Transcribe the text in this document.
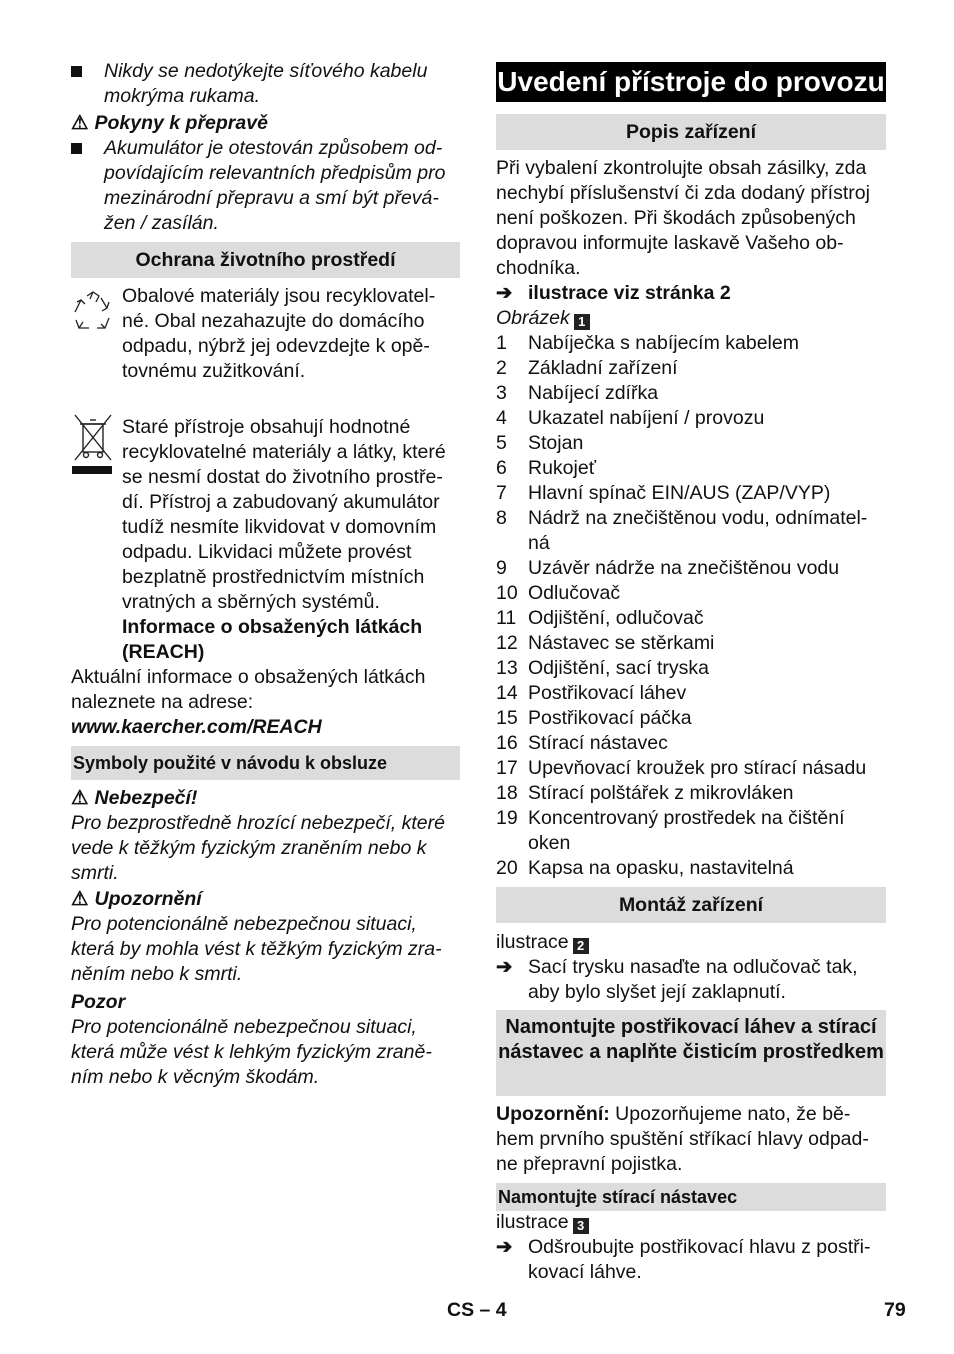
Nikdy se nedotýkejte síťového kabelu mokrýma rukama.
⚠ Pokyny k přepravě
Akumulátor je otestován způsobem od-povídajícím relevantních předpisům pro mezinárodní přepravu a smí být převá-žen / zasílán.
Ochrana životního prostředí
Obalové materiály jsou recyklovatel-né. Obal nezahazujte do domácího odpadu, nýbrž jej odevzdejte k opě-tovnému zužitkování.
Staré přístroje obsahují hodnotné recyklovatelné materiály a látky, které se nesmí dostat do životního prostře-dí. Přístroj a zabudovaný akumulátor tudíž nesmíte likvidovat v domovním odpadu. Likvidaci můžete provést bezplatně prostřednictvím místních vratných a sběrných systémů.
Informace o obsažených látkách (REACH)
Aktuální informace o obsažených látkách naleznete na adrese:
www.kaercher.com/REACH
Symboly použité v návodu k obsluze
⚠ Nebezpečí!
Pro bezprostředně hrozící nebezpečí, které vede k těžkým fyzickým zraněním nebo k smrti.
⚠ Upozornění
Pro potencionálně nebezpečnou situaci, která by mohla vést k těžkým fyzickým zra-něním nebo k smrti.
Pozor
Pro potencionálně nebezpečnou situaci, která může vést k lehkým fyzickým zraně-ním nebo k věcným škodám.
Uvedení přístroje do provozu
Popis zařízení
Při vybalení zkontrolujte obsah zásilky, zda nechybí příslušenství či zda dodaný přístroj není poškozen. Při škodách způsobených dopravou informujte laskavě Vašeho ob-chodníka.
➔ ilustrace viz stránka 2
Obrázek 1
1	Nabíječka s nabíjecím kabelem
2	Základní zařízení
3	Nabíjecí zdířka
4	Ukazatel nabíjení / provozu
5	Stojan
6	Rukojeť
7	Hlavní spínač EIN/AUS (ZAP/VYP)
8	Nádrž na znečištěnou vodu, odnímatel-ná
9	Uzávěr nádrže na znečištěnou vodu
10 Odlučovač
11 Odjištění, odlučovač
12 Nástavec se stěrkami
13 Odjištění, sací tryska
14 Postřikovací láhev
15 Postřikovací páčka
16 Stírací nástavec
17 Upevňovací kroužek pro stírací násadu
18 Stírací polštářek z mikrovláken
19 Koncentrovaný prostředek na čištění oken
20 Kapsa na opasku, nastavitelná
Montáž zařízení
ilustrace 2
➔ Sací trysku nasaďte na odlučovač tak, aby bylo slyšet její zaklapnutí.
Namontujte postřikovací láhev a stírací nástavec a naplňte čisticím prostředkem
Upozornění: Upozorňujeme nato, že bě-hem prvního spuštění stříkací hlavy odpad-ne přepravní pojistka.
Namontujte stírací nástavec
ilustrace 3
➔ Odšroubujte postřikovací hlavu z postři-kovací láhve.
CS – 4	79
